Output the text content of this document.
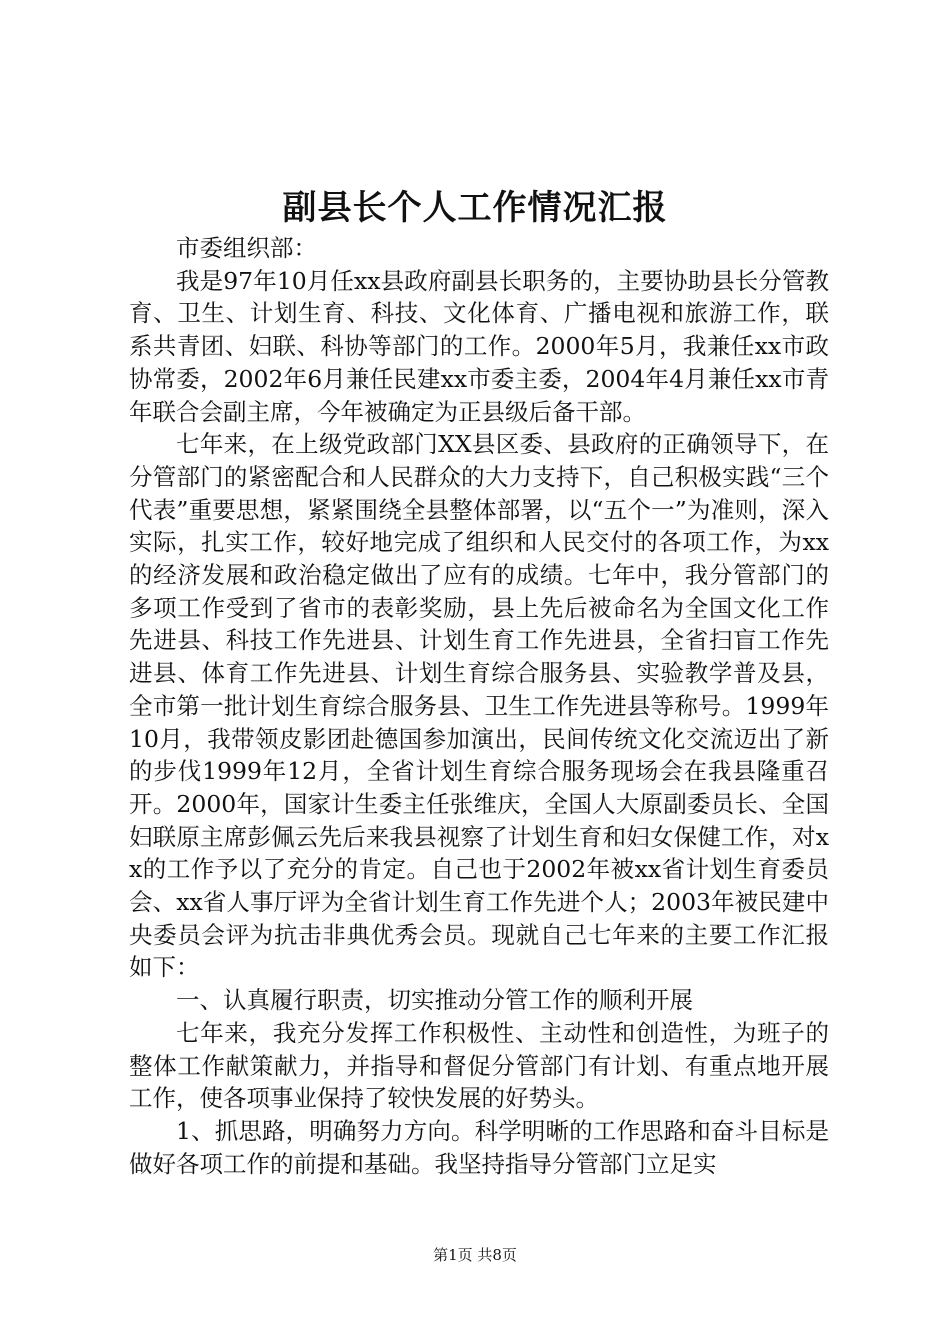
副县长个人工作情况汇报

市委组织部：

我是97年10月任xx县政府副县长职务的，主要协助县长分管教育、卫生、计划生育、科技、文化体育、广播电视和旅游工作，联系共青团、妇联、科协等部门的工作。2000年5月，我兼任xx市政协常委，2002年6月兼任民建xx市委主委，2004年4月兼任xx市青年联合会副主席，今年被确定为正县级后备干部。

七年来，在上级党政部门XX县区委、县政府的正确领导下，在分管部门的紧密配合和人民群众的大力支持下，自己积极实践“三个代表”重要思想，紧紧围绕全县整体部署，以“五个一”为准则，深入实际，扎实工作，较好地完成了组织和人民交付的各项工作，为xx的经济发展和政治稳定做出了应有的成绩。七年中，我分管部门的多项工作受到了省市的表彰奖励，县上先后被命名为全国文化工作先进县、科技工作先进县、计划生育工作先进县，全省扫盲工作先进县、体育工作先进县、计划生育综合服务县、实验教学普及县，全市第一批计划生育综合服务县、卫生工作先进县等称号。1999年10月，我带领皮影团赴德国参加演出，民间传统文化交流迈出了新的步伐1999年12月，全省计划生育综合服务现场会在我县隆重召开。2000年，国家计生委主任张维庆，全国人大原副委员长、全国妇联原主席彭佩云先后来我县视察了计划生育和妇女保健工作，对xx的工作予以了充分的肯定。自己也于2002年被xx省计划生育委员会、xx省人事厅评为全省计划生育工作先进个人；2003年被民建中央委员会评为抗击非典优秀会员。现就自己七年来的主要工作汇报如下：

一、认真履行职责，切实推动分管工作的顺利开展

七年来，我充分发挥工作积极性、主动性和创造性，为班子的整体工作献策献力，并指导和督促分管部门有计划、有重点地开展工作，使各项事业保持了较快发展的好势头。

1、抓思路，明确努力方向。科学明晰的工作思路和奋斗目标是做好各项工作的前提和基础。我坚持指导分管部门立足实

第1页 共8页
